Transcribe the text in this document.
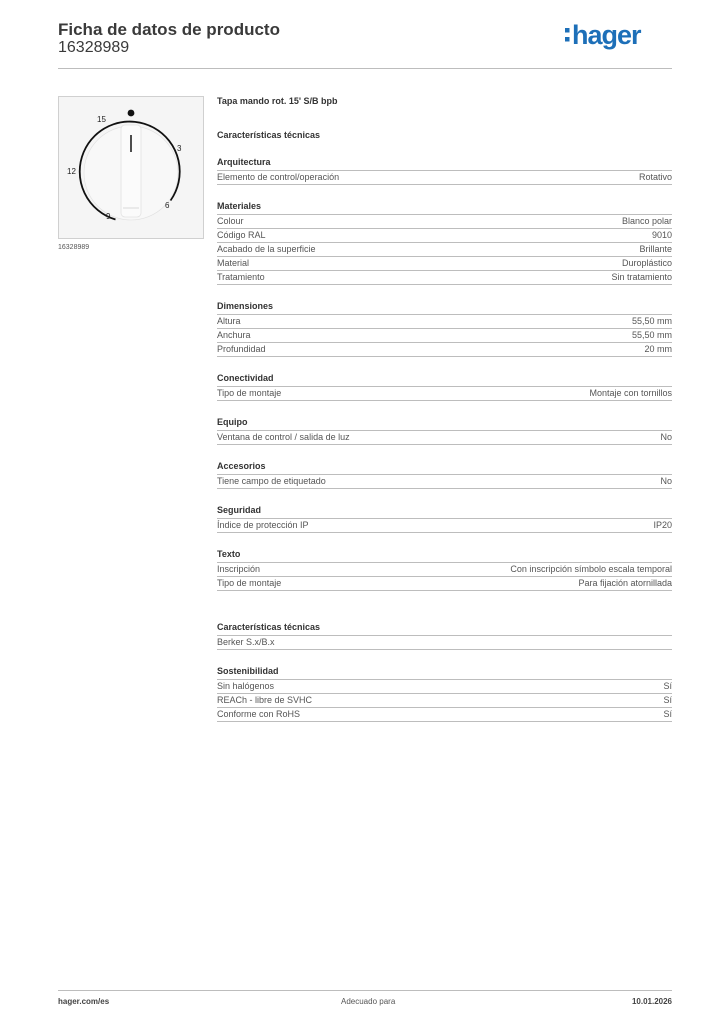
Ficha de datos de producto
16328989	hager
15
3
12
6
9
16328989
Tapa mando rot. 15' S/B bpb
Características técnicas
Arquitectura
Elemento de control/operación	Rotativo
Materiales
Colour	Blanco polar
Código RAL	9010
Acabado de la superficie	Brillante
Material	Duroplástico
Tratamiento	Sin tratamiento
Dimensiones
Altura	55,50 mm
Anchura	55,50 mm
Profundidad	20 mm
Conectividad
Tipo de montaje	Montaje con tornillos
Equipo
Ventana de control / salida de luz	No
Accesorios
Tiene campo de etiquetado	No
Seguridad
Índice de protección IP	IP20
Texto
Inscripción	Con inscripción símbolo escala temporal
Tipo de montaje	Para fijación atornillada
Características técnicas
Berker S.x/B.x
Sostenibilidad
Sin halógenos	Sí
REACh - libre de SVHC	Sí
Conforme con RoHS	Sí
hager.com/es	Adecuado para	10.01.2026
